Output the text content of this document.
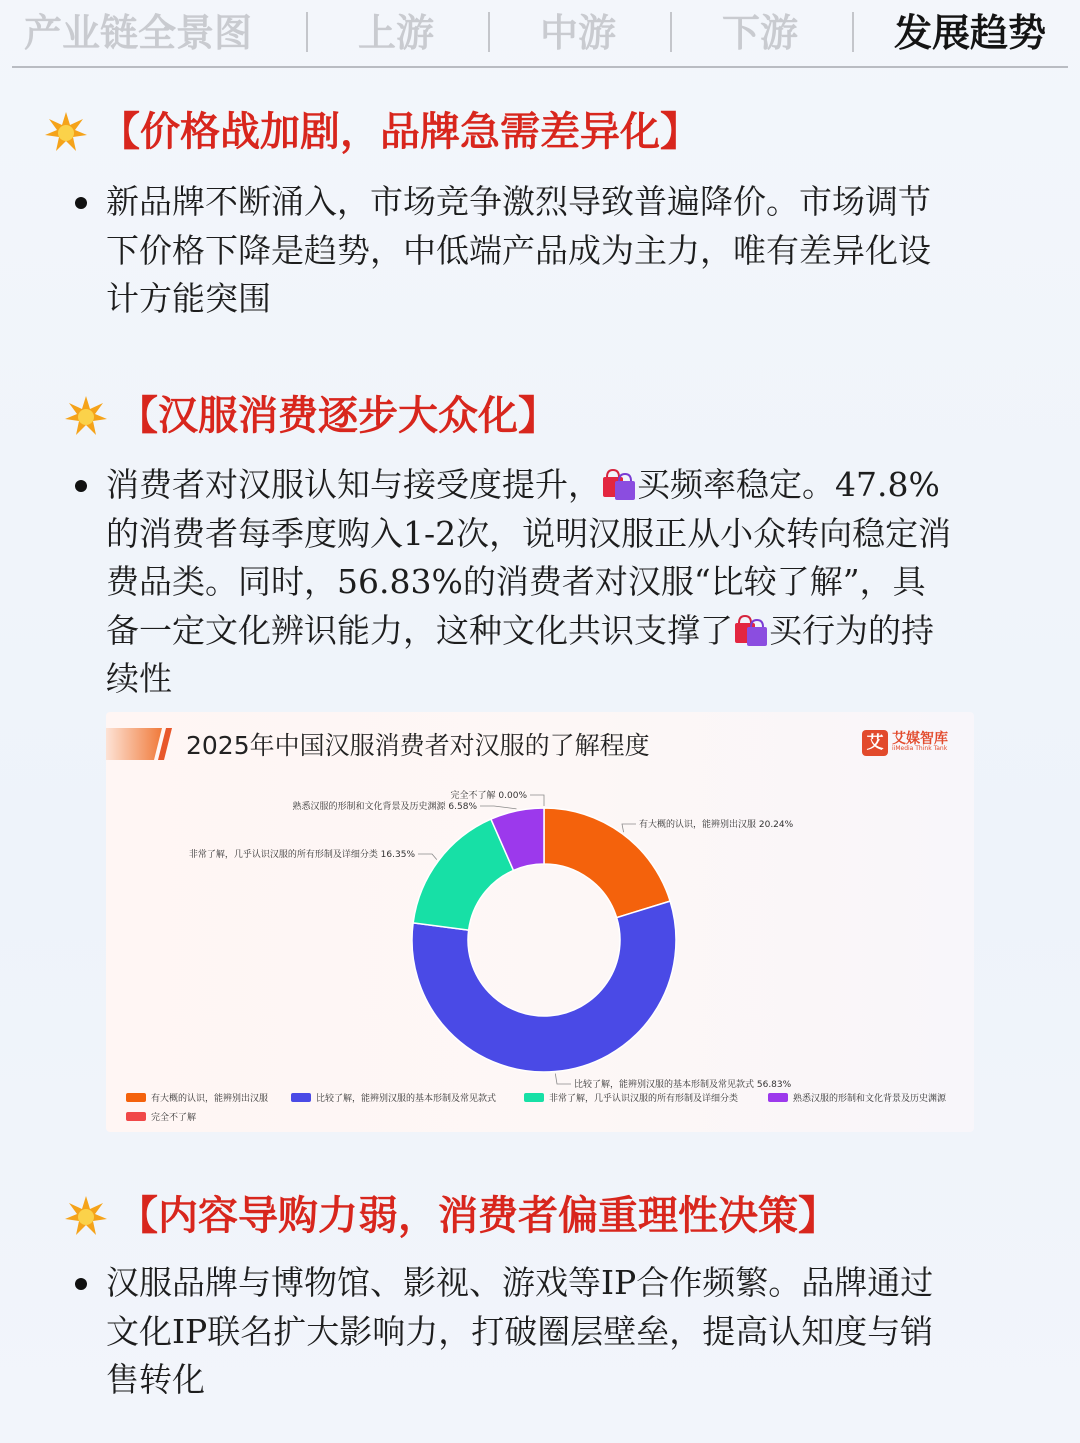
产业链全景图	上游	中游	下游	发展趋势
【价格战加剧，品牌急需差异化】
新品牌不断涌入，市场竞争激烈导致普遍降价。市场调节
下价格下降是趋势，中低端产品成为主力，唯有差异化设
计方能突围
【汉服消费逐步大众化】
消费者对汉服认知与接受度提升， 买频率稳定。47.8%
的消费者每季度购入1-2次，说明汉服正从小众转向稳定消
费品类。同时，56.83%的消费者对汉服“比较了解”，具
备一定文化辨识能力，这种文化共识支撑了 买行为的持
续性
2025年中国汉服消费者对汉服的了解程度	艾 艾媒智库
iiMedia Think Tank
有大概的认识，能辨别出汉服 20.24%
比较了解，能辨别汉服的基本形制及常见款式 56.83%
非常了解，几乎认识汉服的所有形制及详细分类 16.35%
熟悉汉服的形制和文化背景及历史渊源 6.58%
完全不了解 0.00%
有大概的认识，能辨别出汉服	比较了解，能辨别汉服的基本形制及常见款式	非常了解，几乎认识汉服的所有形制及详细分类	熟悉汉服的形制和文化背景及历史渊源
完全不了解
【内容导购力弱，消费者偏重理性决策】
汉服品牌与博物馆、影视、游戏等IP合作频繁。品牌通过
文化IP联名扩大影响力，打破圈层壁垒，提高认知度与销
售转化
